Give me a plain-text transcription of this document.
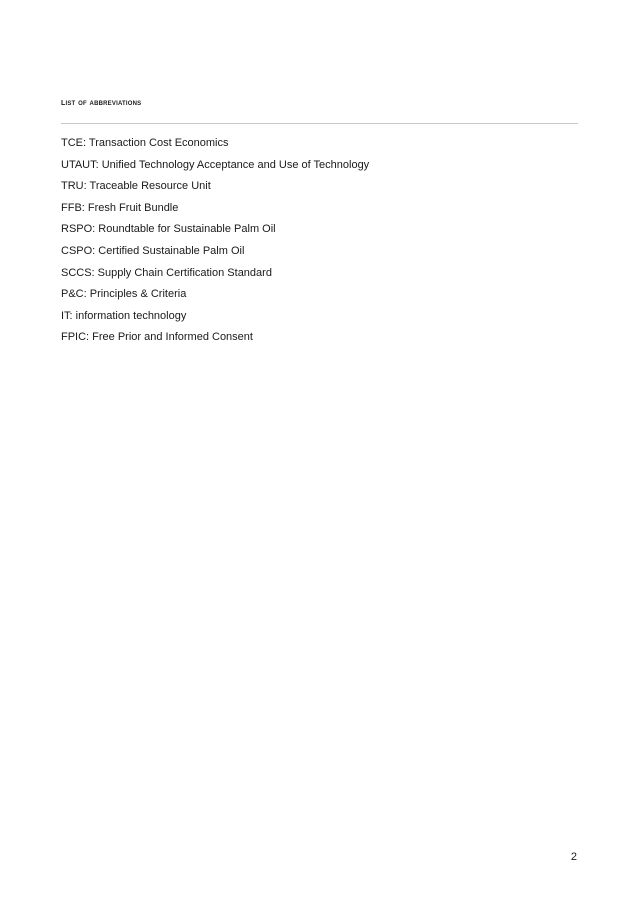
list of abbreviations
TCE: Transaction Cost Economics
UTAUT: Unified Technology Acceptance and Use of Technology
TRU: Traceable Resource Unit
FFB: Fresh Fruit Bundle
RSPO: Roundtable for Sustainable Palm Oil
CSPO: Certified Sustainable Palm Oil
SCCS: Supply Chain Certification Standard
P&C: Principles & Criteria
IT: information technology
FPIC: Free Prior and Informed Consent
2
